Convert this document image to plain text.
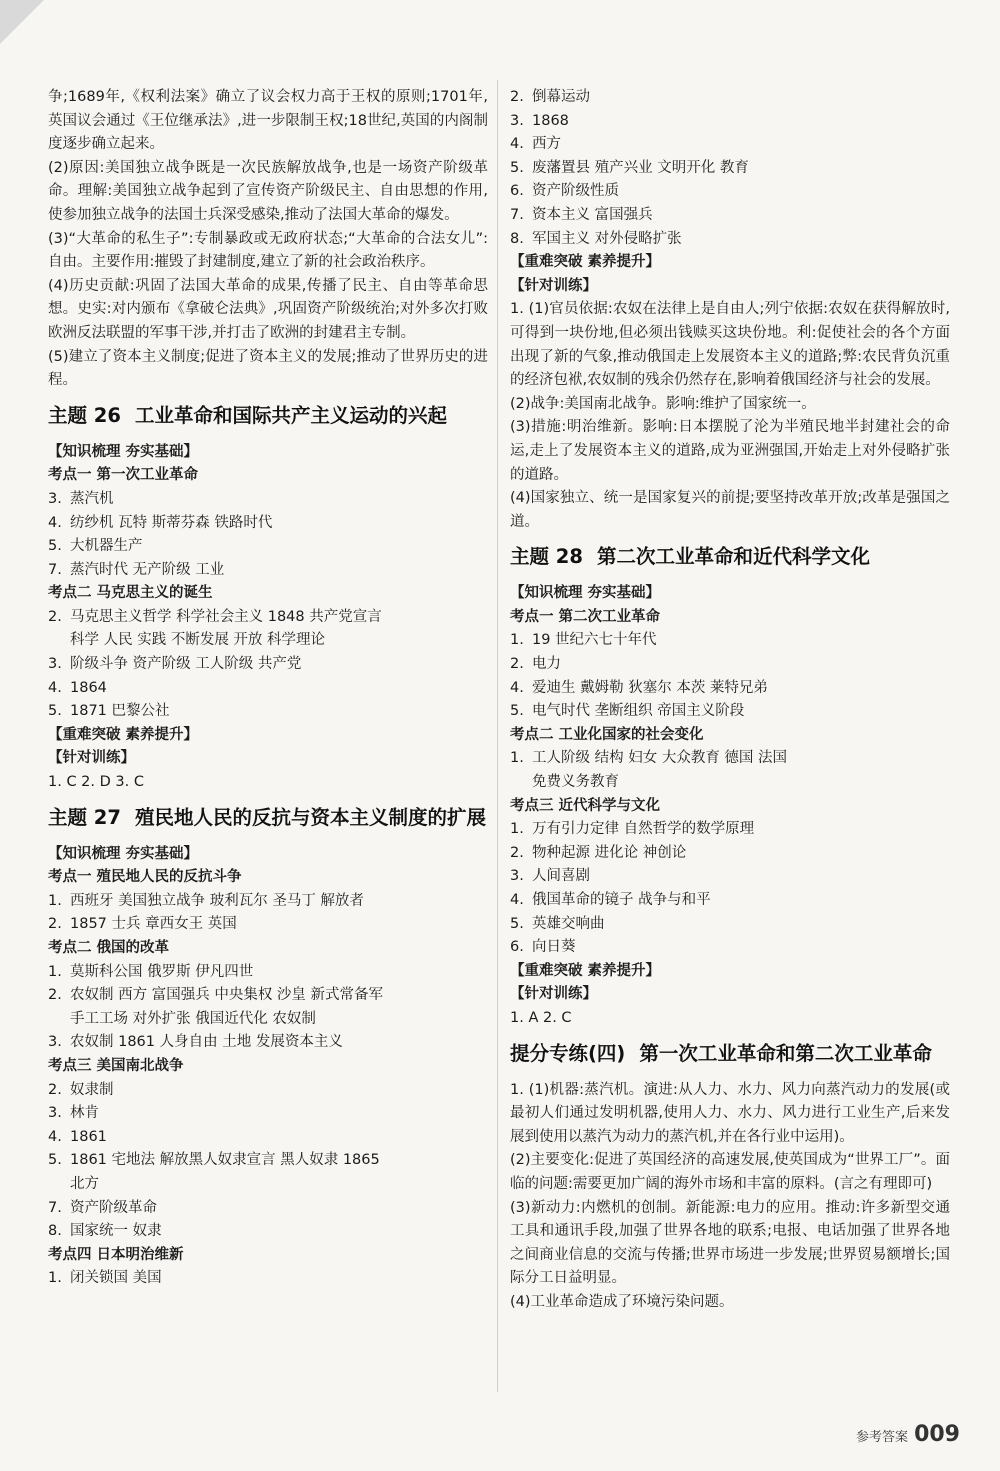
争;1689年,《权利法案》确立了议会权力高于王权的原则;1701年,英国议会通过《王位继承法》,进一步限制王权;18世纪,英国的内阁制度逐步确立起来。

(2)原因:美国独立战争既是一次民族解放战争,也是一场资产阶级革命。理解:美国独立战争起到了宣传资产阶级民主、自由思想的作用,使参加独立战争的法国士兵深受感染,推动了法国大革命的爆发。

(3)“大革命的私生子”:专制暴政或无政府状态;“大革命的合法女儿”:自由。主要作用:摧毁了封建制度,建立了新的社会政治秩序。

(4)历史贡献:巩固了法国大革命的成果,传播了民主、自由等革命思想。史实:对内颁布《拿破仑法典》,巩固资产阶级统治;对外多次打败欧洲反法联盟的军事干涉,并打击了欧洲的封建君主专制。

(5)建立了资本主义制度;促进了资本主义的发展;推动了世界历史的进程。

主题 26 工业革命和国际共产主义运动的兴起

【知识梳理 夯实基础】

考点一 第一次工业革命

3. 蒸汽机

4. 纺纱机 瓦特 斯蒂芬森 铁路时代

5. 大机器生产

7. 蒸汽时代 无产阶级 工业

考点二 马克思主义的诞生

2. 马克思主义哲学 科学社会主义 1848 共产党宣言

科学 人民 实践 不断发展 开放 科学理论

3. 阶级斗争 资产阶级 工人阶级 共产党

4. 1864

5. 1871 巴黎公社

【重难突破 素养提升】

【针对训练】

1. C 2. D 3. C

主题 27 殖民地人民的反抗与资本主义制度的扩展

【知识梳理 夯实基础】

考点一 殖民地人民的反抗斗争

1. 西班牙 美国独立战争 玻利瓦尔 圣马丁 解放者

2. 1857 士兵 章西女王 英国

考点二 俄国的改革

1. 莫斯科公国 俄罗斯 伊凡四世

2. 农奴制 西方 富国强兵 中央集权 沙皇 新式常备军

手工工场 对外扩张 俄国近代化 农奴制

3. 农奴制 1861 人身自由 土地 发展资本主义

考点三 美国南北战争

2. 奴隶制

3. 林肯

4. 1861

5. 1861 宅地法 解放黑人奴隶宣言 黑人奴隶 1865

北方

7. 资产阶级革命

8. 国家统一 奴隶

考点四 日本明治维新

1. 闭关锁国 美国

2. 倒幕运动

3. 1868

4. 西方

5. 废藩置县 殖产兴业 文明开化 教育

6. 资产阶级性质

7. 资本主义 富国强兵

8. 军国主义 对外侵略扩张

【重难突破 素养提升】

【针对训练】

1. (1)官员依据:农奴在法律上是自由人;列宁依据:农奴在获得解放时,可得到一块份地,但必须出钱赎买这块份地。利:促使社会的各个方面出现了新的气象,推动俄国走上发展资本主义的道路;弊:农民背负沉重的经济包袱,农奴制的残余仍然存在,影响着俄国经济与社会的发展。

(2)战争:美国南北战争。影响:维护了国家统一。

(3)措施:明治维新。影响:日本摆脱了沦为半殖民地半封建社会的命运,走上了发展资本主义的道路,成为亚洲强国,开始走上对外侵略扩张的道路。

(4)国家独立、统一是国家复兴的前提;要坚持改革开放;改革是强国之道。

主题 28 第二次工业革命和近代科学文化

【知识梳理 夯实基础】

考点一 第二次工业革命

1. 19 世纪六七十年代

2. 电力

4. 爱迪生 戴姆勒 狄塞尔 本茨 莱特兄弟

5. 电气时代 垄断组织 帝国主义阶段

考点二 工业化国家的社会变化

1. 工人阶级 结构 妇女 大众教育 德国 法国

免费义务教育

考点三 近代科学与文化

1. 万有引力定律 自然哲学的数学原理

2. 物种起源 进化论 神创论

3. 人间喜剧

4. 俄国革命的镜子 战争与和平

5. 英雄交响曲

6. 向日葵

【重难突破 素养提升】

【针对训练】

1. A 2. C

提分专练(四) 第一次工业革命和第二次工业革命

1. (1)机器:蒸汽机。演进:从人力、水力、风力向蒸汽动力的发展(或最初人们通过发明机器,使用人力、水力、风力进行工业生产,后来发展到使用以蒸汽为动力的蒸汽机,并在各行业中运用)。

(2)主要变化:促进了英国经济的高速发展,使英国成为“世界工厂”。面临的问题:需要更加广阔的海外市场和丰富的原料。(言之有理即可)

(3)新动力:内燃机的创制。新能源:电力的应用。推动:许多新型交通工具和通讯手段,加强了世界各地的联系;电报、电话加强了世界各地之间商业信息的交流与传播;世界市场进一步发展;世界贸易额增长;国际分工日益明显。

(4)工业革命造成了环境污染问题。

参考答案 009
